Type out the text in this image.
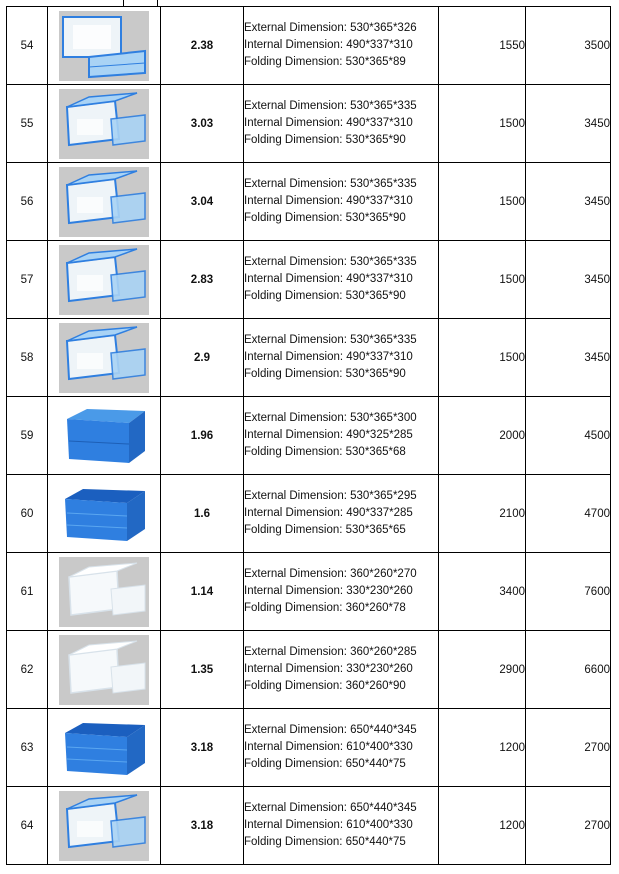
54		2.38	External Dimension: 530*365*326
Internal Dimension: 490*337*310
Folding Dimension: 530*365*89	1550	3500
55		3.03	External Dimension: 530*365*335
Internal Dimension: 490*337*310
Folding Dimension: 530*365*90	1500	3450
56		3.04	External Dimension: 530*365*335
Internal Dimension: 490*337*310
Folding Dimension: 530*365*90	1500	3450
57		2.83	External Dimension: 530*365*335
Internal Dimension: 490*337*310
Folding Dimension: 530*365*90	1500	3450
58		2.9	External Dimension: 530*365*335
Internal Dimension: 490*337*310
Folding Dimension: 530*365*90	1500	3450
59		1.96	External Dimension: 530*365*300
Internal Dimension: 490*325*285
Folding Dimension: 530*365*68	2000	4500
60		1.6	External Dimension: 530*365*295
Internal Dimension: 490*337*285
Folding Dimension: 530*365*65	2100	4700
61		1.14	External Dimension: 360*260*270
Internal Dimension: 330*230*260
Folding Dimension: 360*260*78	3400	7600
62		1.35	External Dimension: 360*260*285
Internal Dimension: 330*230*260
Folding Dimension: 360*260*90	2900	6600
63		3.18	External Dimension: 650*440*345
Internal Dimension: 610*400*330
Folding Dimension: 650*440*75	1200	2700
64		3.18	External Dimension: 650*440*345
Internal Dimension: 610*400*330
Folding Dimension: 650*440*75	1200	2700
